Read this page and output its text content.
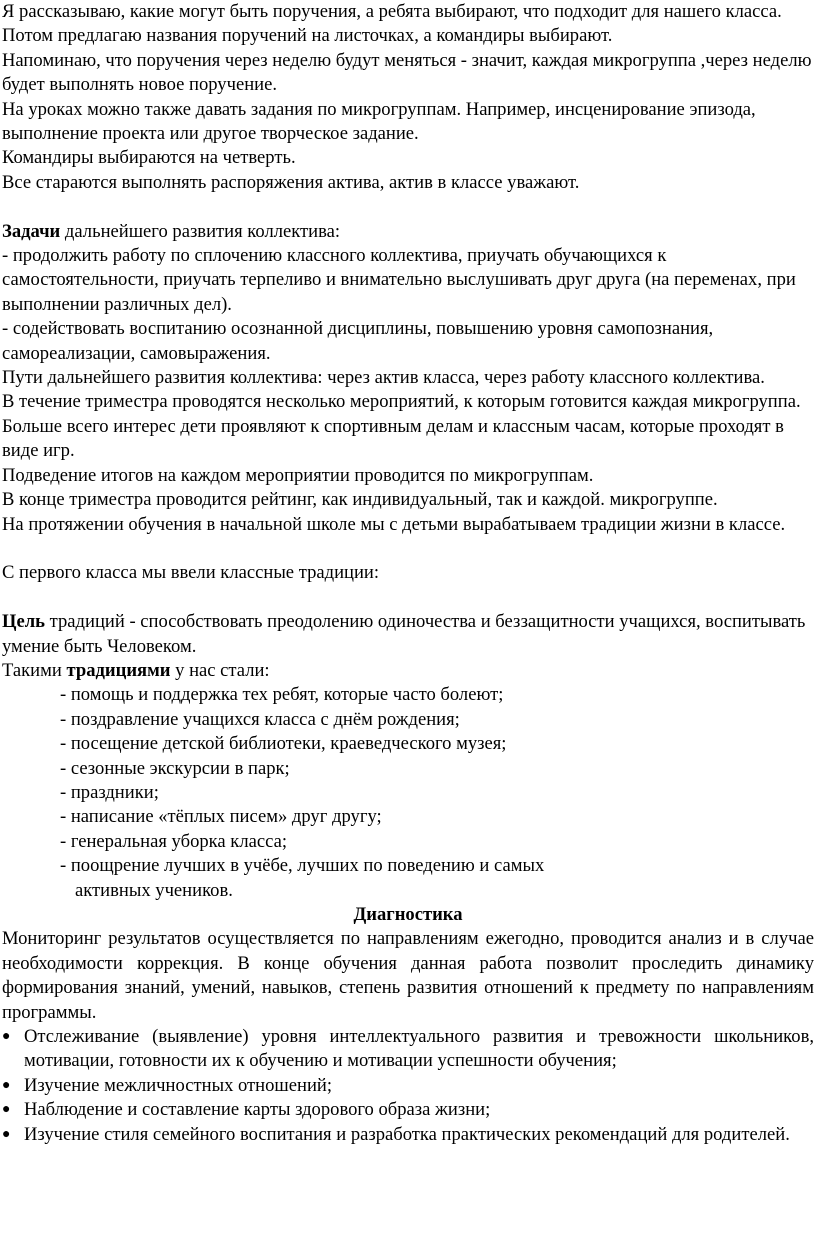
Я рассказываю, какие могут быть поручения, а ребята выбирают, что подходит для нашего класса. Потом предлагаю названия поручений на листочках, а командиры выбирают.

Напоминаю, что поручения через неделю будут меняться - значит, каждая микрогруппа ,через неделю будет выполнять новое поручение.

На уроках можно также давать задания по микрогруппам. Например, инсценирование эпизода, выполнение проекта или другое творческое задание.

Командиры выбираются на четверть.

Все стараются выполнять распоряжения актива, актив в классе уважают.

Задачи дальнейшего развития коллектива:

- продолжить работу по сплочению классного коллектива, приучать обучающихся к самостоятельности, приучать терпеливо и внимательно выслушивать друг друга (на переменах, при выполнении различных дел).

- содействовать воспитанию осознанной дисциплины, повышению уровня самопознания, самореализации, самовыражения.

Пути дальнейшего развития коллектива: через актив класса, через работу классного коллектива.

В течение триместра проводятся несколько мероприятий, к которым готовится каждая микрогруппа. Больше всего интерес дети проявляют к спортивным делам и классным часам, которые проходят в виде игр.

Подведение итогов на каждом мероприятии проводится по микрогруппам.

В конце триместра проводится рейтинг, как индивидуальный, так и каждой. микрогруппе.

На протяжении обучения в начальной школе мы с детьми вырабатываем традиции жизни в классе.

С первого класса мы ввели классные традиции:

Цель традиций - способствовать преодолению одиночества и беззащитности учащихся, воспитывать умение быть Человеком.

Такими традициями у нас стали:

- помощь и поддержка тех ребят, которые часто болеют;

- поздравление учащихся класса с днём рождения;

- посещение детской библиотеки, краеведческого музея;

- сезонные экскурсии в парк;

- праздники;

- написание «тёплых писем» друг другу;

- генеральная уборка класса;

- поощрение лучших в учёбе, лучших по поведению и самых

активных учеников.

Диагностика

Мониторинг результатов осуществляется по направлениям ежегодно, проводится анализ и в случае необходимости коррекция. В конце обучения данная работа позволит проследить динамику формирования знаний, умений, навыков, степень развития отношений к предмету по направлениям программы.

● Отслеживание (выявление) уровня интеллектуального развития и тревожности школьников, мотивации, готовности их к обучению и мотивации успешности обучения;
● Изучение межличностных отношений;
● Наблюдение и составление карты здорового образа жизни;
● Изучение стиля семейного воспитания и разработка практических рекомендаций для родителей.
